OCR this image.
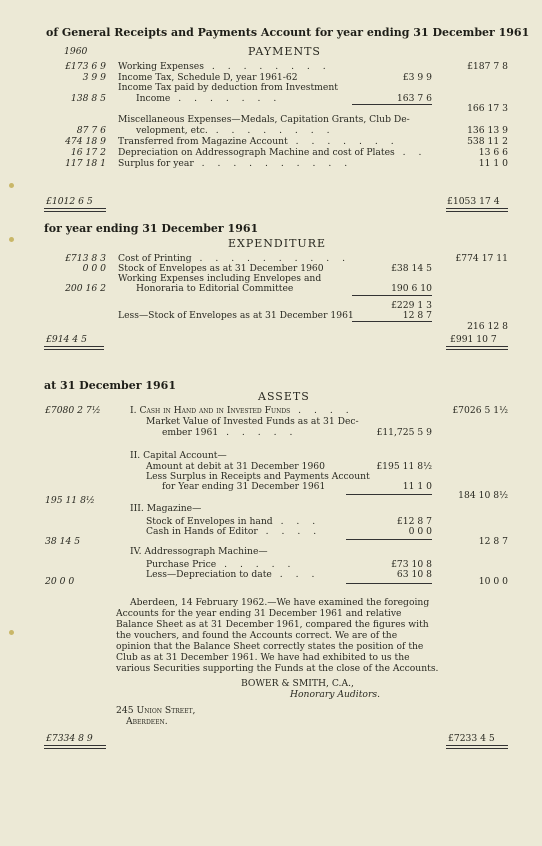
of General Receipts and Payments Account for year ending 31 December 1961
1960	PAYMENTS
£173 6 9 Working Expenses . . . . . . . .	£187 7 8
3 9 9 Income Tax, Schedule D, year 1961-62	£3 9 9
Income Tax paid by deduction from Investment
138 8 5	Income . . . . . . .	163 7 6
166 17 3
Miscellaneous Expenses—Medals, Capitation Grants, Club De-
87 7 6	velopment, etc. . . . . . . . .	136 13 9
474 18 9 Transferred from Magazine Account . . . . . . .	538 11 2
16 17 2 Depreciation on Addressograph Machine and cost of Plates . .	13 6 6
117 18 1 Surplus for year . . . . . . . . . .	11 1 0
£1012 6 5	£1053 17 4
for year ending 31 December 1961
EXPENDITURE
£713 8 3 Cost of Printing . . . . . . . . . .	£774 17 11
0 0 0 Stock of Envelopes as at 31 December 1960	£38 14 5
Working Expenses including Envelopes and
200 16 2	Honoraria to Editorial Committee	190 6 10
£229 1 3
Less—Stock of Envelopes as at 31 December 1961	12 8 7
216 12 8
£914 4 5	£991 10 7
at 31 December 1961
ASSETS
£7080 2 7½	I. Cash in Hand and in Invested Funds . . . .	£7026 5 1½
Market Value of Invested Funds as at 31 Dec-
ember 1961 . . . . .	£11,725 5 9
II. Capital Account—
Amount at debit at 31 December 1960	£195 11 8½
Less Surplus in Receipts and Payments Account
for Year ending 31 December 1961	11 1 0
195 11 8½	184 10 8½
III. Magazine—
Stock of Envelopes in hand . . .	£12 8 7
Cash in Hands of Editor . . . .	0 0 0
38 14 5	12 8 7
IV. Addressograph Machine—
Purchase Price . . . . .	£73 10 8
Less—Depreciation to date . . .	63 10 8
20 0 0	10 0 0
Aberdeen, 14 February 1962.—We have examined the foregoing
Accounts for the year ending 31 December 1961 and relative
Balance Sheet as at 31 December 1961, compared the figures with
the vouchers, and found the Accounts correct. We are of the
opinion that the Balance Sheet correctly states the position of the
Club as at 31 December 1961. We have had exhibited to us the
various Securities supporting the Funds at the close of the Accounts.
BOWER & SMITH, C.A.,
Honorary Auditors.
245 Union Street,
Aberdeen.
£7334 8 9	£7233 4 5
